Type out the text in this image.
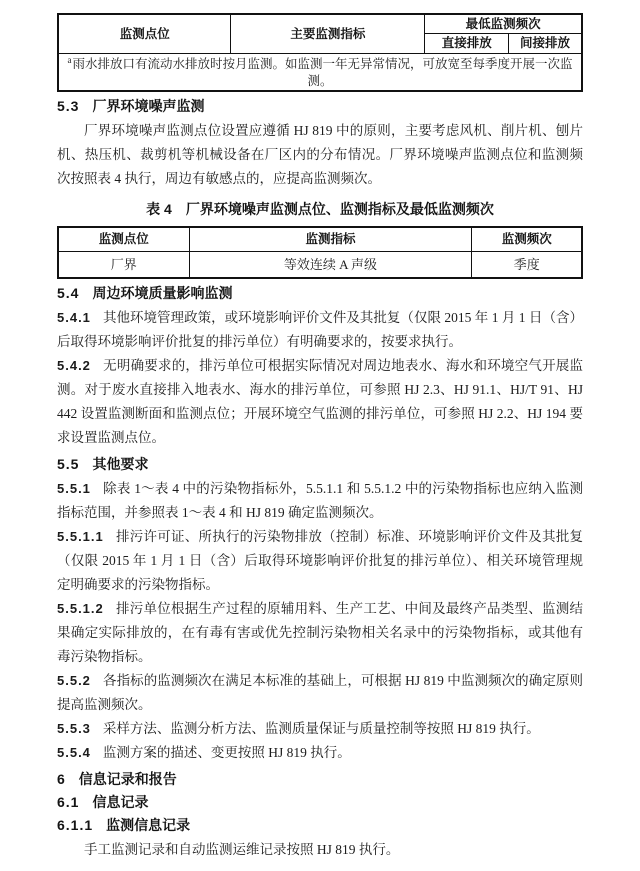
监测点位	主要监测指标	最低监测频次	
		直接排放	间接排放
$^a$雨水排放口有流动水排放时按月监测。如监测一年无异常情况，可放宽至每季度开展一次监测。			
5.3 厂界环境噪声监测

厂界环境噪声监测点位设置应遵循 HJ 819 中的原则，主要考虑风机、削片机、刨片机、热压机、裁剪机等机械设备在厂区内的分布情况。厂界环境噪声监测点位和监测频次按照表 4 执行，周边有敏感点的，应提高监测频次。

表 4　厂界环境噪声监测点位、监测指标及最低监测频次
监测点位	监测指标	监测频次
厂界	等效连续 A 声级	季度
5.4 周边环境质量影响监测

5.4.1 其他环境管理政策，或环境影响评价文件及其批复（仅限 2015 年 1 月 1 日（含）后取得环境影响评价批复的排污单位）有明确要求的，按要求执行。

5.4.2 无明确要求的，排污单位可根据实际情况对周边地表水、海水和环境空气开展监测。对于废水直接排入地表水、海水的排污单位，可参照 HJ 2.3、HJ 91.1、HJ/T 91、HJ 442 设置监测断面和监测点位；开展环境空气监测的排污单位，可参照 HJ 2.2、HJ 194 要求设置监测点位。

5.5 其他要求

5.5.1 除表 1～表 4 中的污染物指标外，5.5.1.1 和 5.5.1.2 中的污染物指标也应纳入监测指标范围，并参照表 1～表 4 和 HJ 819 确定监测频次。

5.5.1.1 排污许可证、所执行的污染物排放（控制）标准、环境影响评价文件及其批复（仅限 2015 年 1 月 1 日（含）后取得环境影响评价批复的排污单位）、相关环境管理规定明确要求的污染物指标。

5.5.1.2 排污单位根据生产过程的原辅用料、生产工艺、中间及最终产品类型、监测结果确定实际排放的，在有毒有害或优先控制污染物相关名录中的污染物指标，或其他有毒污染物指标。

5.5.2 各指标的监测频次在满足本标准的基础上，可根据 HJ 819 中监测频次的确定原则提高监测频次。

5.5.3 采样方法、监测分析方法、监测质量保证与质量控制等按照 HJ 819 执行。

5.5.4 监测方案的描述、变更按照 HJ 819 执行。

6 信息记录和报告
6.1 信息记录
6.1.1 监测信息记录

手工监测记录和自动监测运维记录按照 HJ 819 执行。
